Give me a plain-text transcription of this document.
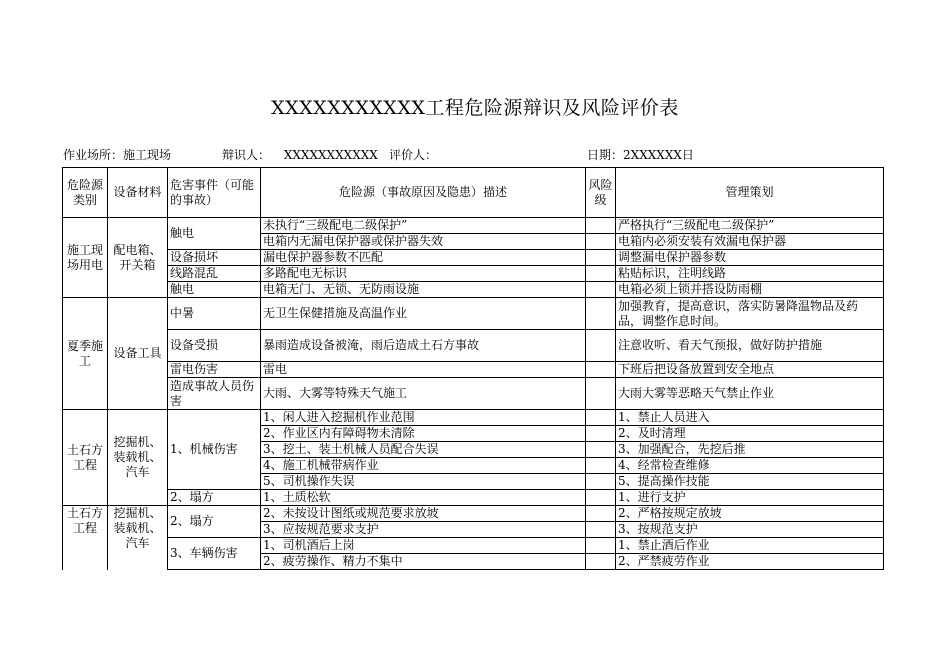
XXXXXXXXXXX工程危险源辩识及风险评价表
作业场所：施工现场	辩识人： XXXXXXXXXXX 评价人：	日期：2XXXXXX日
危险源类别	设备材料	危害事件（可能的事故）	危险源（事故原因及隐患）描述	风险级	管理策划
施工现场用电	配电箱、开关箱	触电	未执行“三级配电二级保护”		严格执行“三级配电二级保护”
			电箱内无漏电保护器或保护器失效		电箱内必须安装有效漏电保护器
		设备损坏	漏电保护器参数不匹配		调整漏电保护器参数
		线路混乱	多路配电无标识		粘贴标识，注明线路
		触电	电箱无门、无锁、无防雨设施		电箱必须上锁并搭设防雨棚
夏季施工	设备工具	中暑	无卫生保健措施及高温作业		加强教育，提高意识，落实防暑降温物品及药品，调整作息时间。
		设备受损	暴雨造成设备被淹，雨后造成土石方事故		注意收听、看天气预报，做好防护措施
		雷电伤害	雷电		下班后把设备放置到安全地点
		造成事故人员伤害	大雨、大雾等特殊天气施工		大雨大雾等恶略天气禁止作业
土石方工程	挖掘机、装载机、汽车	1、机械伤害	1、闲人进入挖掘机作业范围		1、禁止人员进入
			2、作业区内有障碍物未清除		2、及时清理
			3、挖土、装土机械人员配合失误		3、加强配合，先挖后推
			4、施工机械带病作业		4、经常检查维修
			5、司机操作失误		5、提高操作技能
		2、塌方	1、土质松软		1、进行支护
土石方工程	挖掘机、装载机、汽车	2、塌方	2、未按设计图纸或规范要求放坡		2、严格按规定放坡
			3、应按规范要求支护		3、按规范支护
		3、车辆伤害	1、司机酒后上岗		1、禁止酒后作业
			2、疲劳操作、精力不集中		2、严禁疲劳作业
